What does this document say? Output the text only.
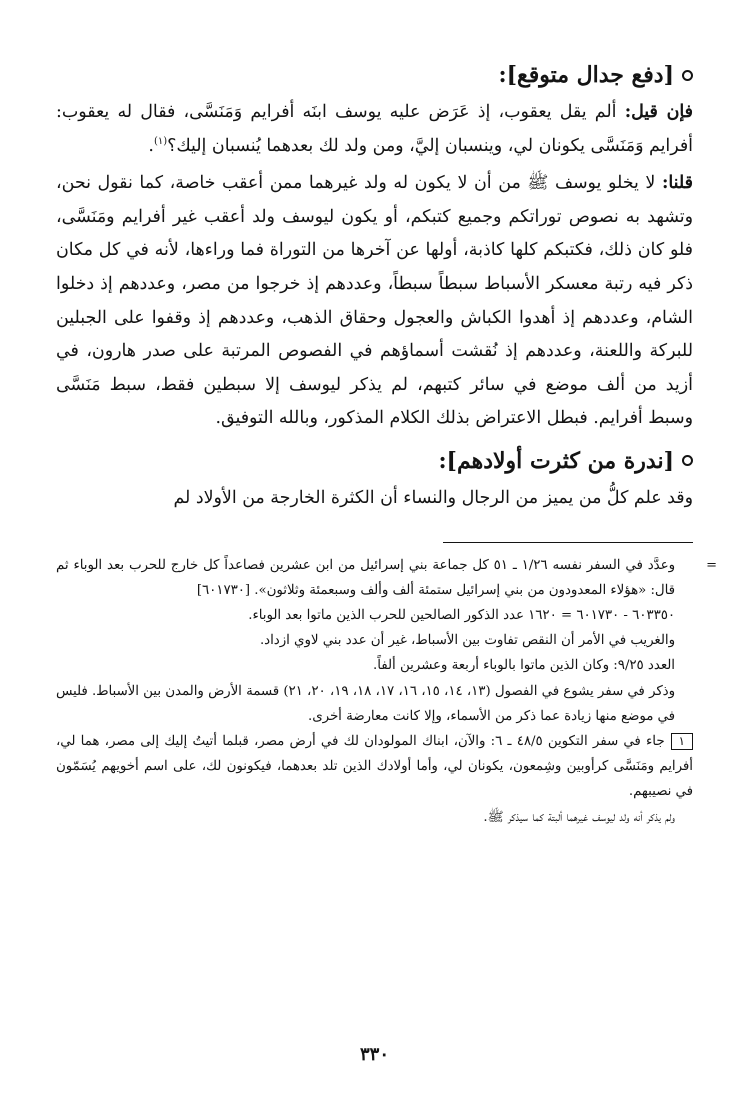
[دفع جدال متوقع]:

فإن قيل: ألم يقل يعقوب، إذ عَرَض عليه يوسف ابنَه أفرايم وَمَنَسَّى، فقال له يعقوب: أفرايم وَمَنَسَّى يكونان لي، وينسبان إليَّ، ومن ولد لك بعدهما يُنسبان إليك؟$^{(١)}$.

قلنا: لا يخلو يوسف ﷺ من أن لا يكون له ولد غيرهما ممن أعقب خاصة، كما نقول نحن، وتشهد به نصوص توراتكم وجميع كتبكم، أو يكون ليوسف ولد أعقب غير أفرايم ومَنَسَّى، فلو كان ذلك، فكتبكم كلها كاذبة، أولها عن آخرها من التوراة فما وراءها، لأنه في كل مكان ذكر فيه رتبة معسكر الأسباط سبطاً سبطاً، وعددهم إذ خرجوا من مصر، وعددهم إذ دخلوا الشام، وعددهم إذ أهدوا الكباش والعجول وحقاق الذهب، وعددهم إذ وقفوا على الجبلين للبركة واللعنة، وعددهم إذ نُقشت أسماؤهم في الفصوص المرتبة على صدر هارون، في أزيد من ألف موضع في سائر كتبهم، لم يذكر ليوسف إلا سبطين فقط، سبط مَنَسَّى وسبط أفرايم. فبطل الاعتراض بذلك الكلام المذكور، وبالله التوفيق.

[ندرة من كثرت أولادهم]:

وقد علم كلُّ من يميز من الرجال والنساء أن الكثرة الخارجة من الأولاد لم

=
وعدَّد في السفر نفسه ١/٢٦ ـ ٥١ كل جماعة بني إسرائيل من ابن عشرين فصاعداً كل خارج للحرب بعد الوباء ثم قال: «هؤلاء المعدودون من بني إسرائيل ستمئة ألف وألف وسبعمئة وثلاثون». [٦٠١٧٣٠]

٦٠٣٣٥٠ - ٦٠١٧٣٠ = ١٦٢٠ عدد الذكور الصالحين للحرب الذين ماتوا بعد الوباء.

والغريب في الأمر أن النقص تفاوت بين الأسباط، غير أن عدد بني لاوي ازداد.

العدد ٩/٢٥: وكان الذين ماتوا بالوباء أربعة وعشرين ألفاً.

وذكر في سفر يشوع في الفصول (١٣، ١٤، ١٥، ١٦، ١٧، ١٨، ١٩، ٢٠، ٢١) قسمة الأرض والمدن بين الأسباط. فليس في موضع منها زيادة عما ذكر من الأسماء، وإلا كانت معارضة أخرى.

١جاء في سفر التكوين ٤٨/٥ ـ ٦: والآن، ابناك المولودان لك في أرض مصر، قبلما أتيتُ إليك إلى مصر، هما لي، أفرايم ومَنَسَّى كرأوبين وشِمعون، يكونان لي، وأما أولادك الذين تلد بعدهما، فيكونون لك، على اسم أخويهم يُسَمّون في نصيبهم.

ولم يذكر أنه ولد ليوسف غيرهما ألبتة كما سيذكر ﷺ.

٣٣٠
